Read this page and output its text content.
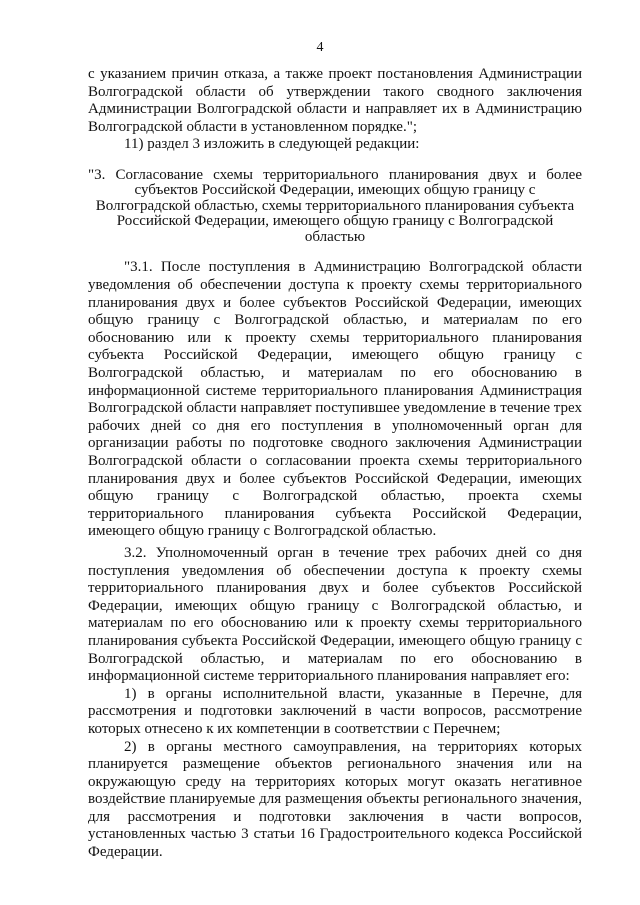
4

с указанием причин отказа, а также проект постановления Администрации Волгоградской области об утверждении такого сводного заключения Администрации Волгоградской области и направляет их в Администрацию Волгоградской области в установленном порядке.";

11) раздел 3 изложить в следующей редакции:

"3. Согласование схемы территориального планирования двух и более
субъектов Российской Федерации, имеющих общую границу с Волгоградской областью, схемы территориального планирования субъекта Российской Федерации, имеющего общую границу с Волгоградской областью

"3.1. После поступления в Администрацию Волгоградской области уведомления об обеспечении доступа к проекту схемы территориального планирования двух и более субъектов Российской Федерации, имеющих общую границу с Волгоградской областью, и материалам по его обоснованию или к проекту схемы территориального планирования субъекта Российской Федерации, имеющего общую границу с Волгоградской областью, и материалам по его обоснованию в информационной системе территориального планирования Администрация Волгоградской области направляет поступившее уведомление в течение трех рабочих дней со дня его поступления в уполномоченный орган для организации работы по подготовке сводного заключения Администрации Волгоградской области о согласовании проекта схемы территориального планирования двух и более субъектов Российской Федерации, имеющих общую границу с Волгоградской областью, проекта схемы территориального планирования субъекта Российской Федерации, имеющего общую границу с Волгоградской областью.

3.2. Уполномоченный орган в течение трех рабочих дней со дня поступления уведомления об обеспечении доступа к проекту схемы территориального планирования двух и более субъектов Российской Федерации, имеющих общую границу с Волгоградской областью, и материалам по его обоснованию или к проекту схемы территориального планирования субъекта Российской Федерации, имеющего общую границу с Волгоградской областью, и материалам по его обоснованию в информационной системе территориального планирования направляет его:

1) в органы исполнительной власти, указанные в Перечне, для рассмотрения и подготовки заключений в части вопросов, рассмотрение которых отнесено к их компетенции в соответствии с Перечнем;

2) в органы местного самоуправления, на территориях которых планируется размещение объектов регионального значения или на окружающую среду на территориях которых могут оказать негативное воздействие планируемые для размещения объекты регионального значения, для рассмотрения и подготовки заключения в части вопросов, установленных частью 3 статьи 16 Градостроительного кодекса Российской Федерации.
